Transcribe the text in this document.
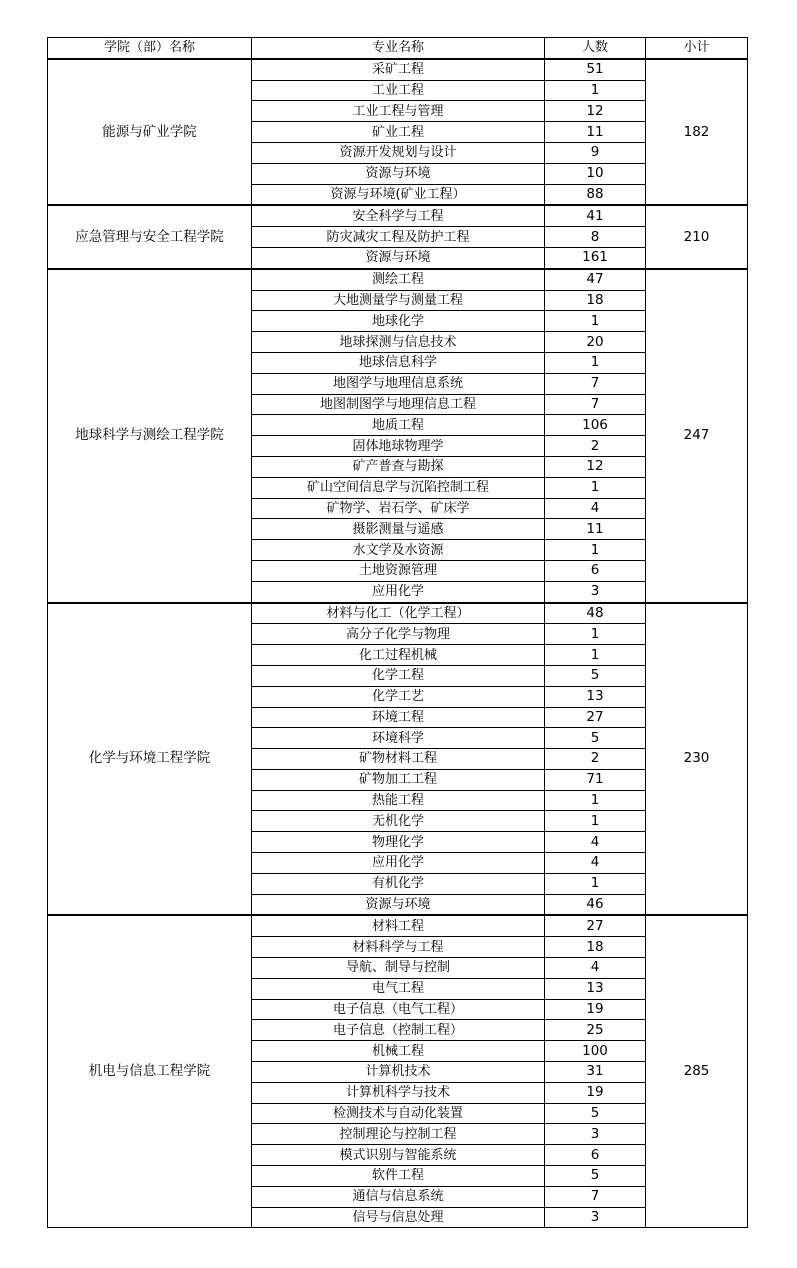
学院（部）名称	专业名称	人数	小计
能源与矿业学院	采矿工程	51	182
	工业工程	1	
	工业工程与管理	12	
	矿业工程	11	
	资源开发规划与设计	9	
	资源与环境	10	
	资源与环境(矿业工程）	88	
应急管理与安全工程学院	安全科学与工程	41	210
	防灾减灾工程及防护工程	8	
	资源与环境	161	
地球科学与测绘工程学院	测绘工程	47	247
	大地测量学与测量工程	18	
	地球化学	1	
	地球探测与信息技术	20	
	地球信息科学	1	
	地图学与地理信息系统	7	
	地图制图学与地理信息工程	7	
	地质工程	106	
	固体地球物理学	2	
	矿产普查与勘探	12	
	矿山空间信息学与沉陷控制工程	1	
	矿物学、岩石学、矿床学	4	
	摄影测量与遥感	11	
	水文学及水资源	1	
	土地资源管理	6	
	应用化学	3	
化学与环境工程学院	材料与化工（化学工程）	48	230
	高分子化学与物理	1	
	化工过程机械	1	
	化学工程	5	
	化学工艺	13	
	环境工程	27	
	环境科学	5	
	矿物材料工程	2	
	矿物加工工程	71	
	热能工程	1	
	无机化学	1	
	物理化学	4	
	应用化学	4	
	有机化学	1	
	资源与环境	46	
机电与信息工程学院	材料工程	27	285
	材料科学与工程	18	
	导航、制导与控制	4	
	电气工程	13	
	电子信息（电气工程）	19	
	电子信息（控制工程）	25	
	机械工程	100	
	计算机技术	31	
	计算机科学与技术	19	
	检测技术与自动化装置	5	
	控制理论与控制工程	3	
	模式识别与智能系统	6	
	软件工程	5	
	通信与信息系统	7	
	信号与信息处理	3	
